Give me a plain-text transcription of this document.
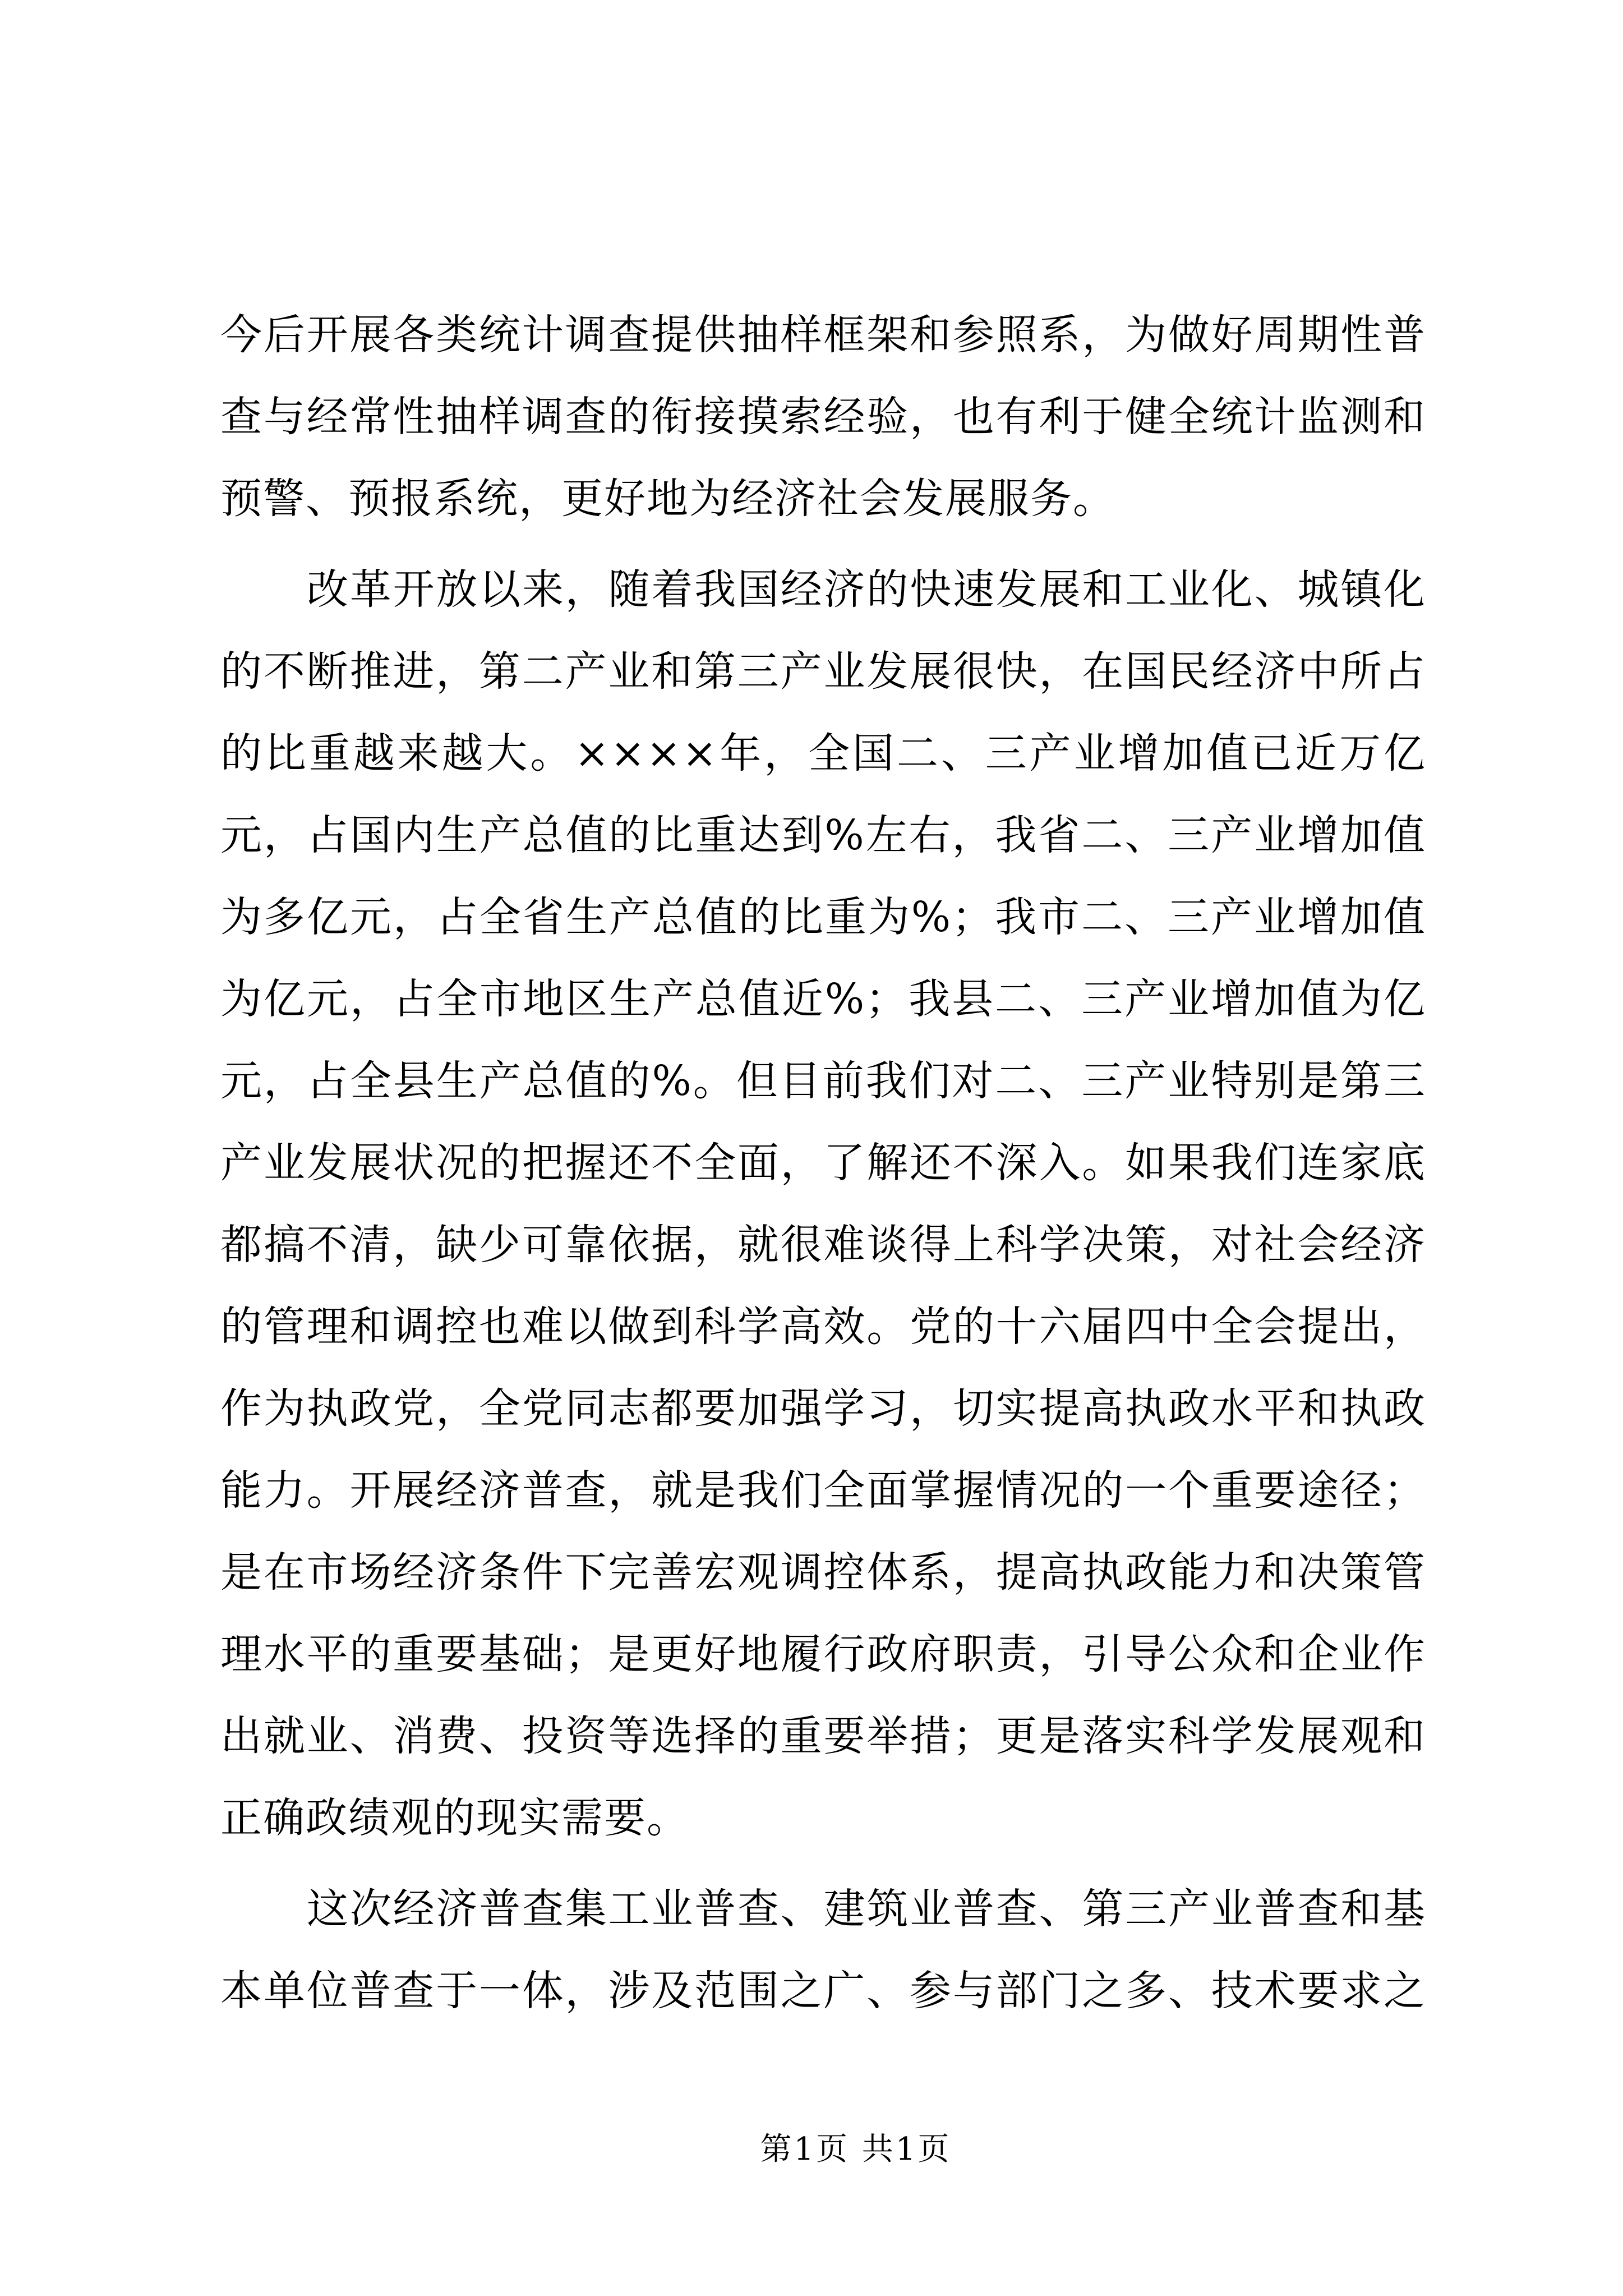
今后开展各类统计调查提供抽样框架和参照系，为做好周期性普
查与经常性抽样调查的衔接摸索经验，也有利于健全统计监测和
预警、预报系统，更好地为经济社会发展服务。
改革开放以来，随着我国经济的快速发展和工业化、城镇化
的不断推进，第二产业和第三产业发展很快，在国民经济中所占
的比重越来越大。××××年，全国二、三产业增加值已近万亿
元，占国内生产总值的比重达到%左右，我省二、三产业增加值
为多亿元，占全省生产总值的比重为%；我市二、三产业增加值
为亿元，占全市地区生产总值近%；我县二、三产业增加值为亿
元，占全县生产总值的%。但目前我们对二、三产业特别是第三
产业发展状况的把握还不全面，了解还不深入。如果我们连家底
都搞不清，缺少可靠依据，就很难谈得上科学决策，对社会经济
的管理和调控也难以做到科学高效。党的十六届四中全会提出，
作为执政党，全党同志都要加强学习，切实提高执政水平和执政
能力。开展经济普查，就是我们全面掌握情况的一个重要途径；
是在市场经济条件下完善宏观调控体系，提高执政能力和决策管
理水平的重要基础；是更好地履行政府职责，引导公众和企业作
出就业、消费、投资等选择的重要举措；更是落实科学发展观和
正确政绩观的现实需要。
这次经济普查集工业普查、建筑业普查、第三产业普查和基
本单位普查于一体，涉及范围之广、参与部门之多、技术要求之
第1页 共1页
